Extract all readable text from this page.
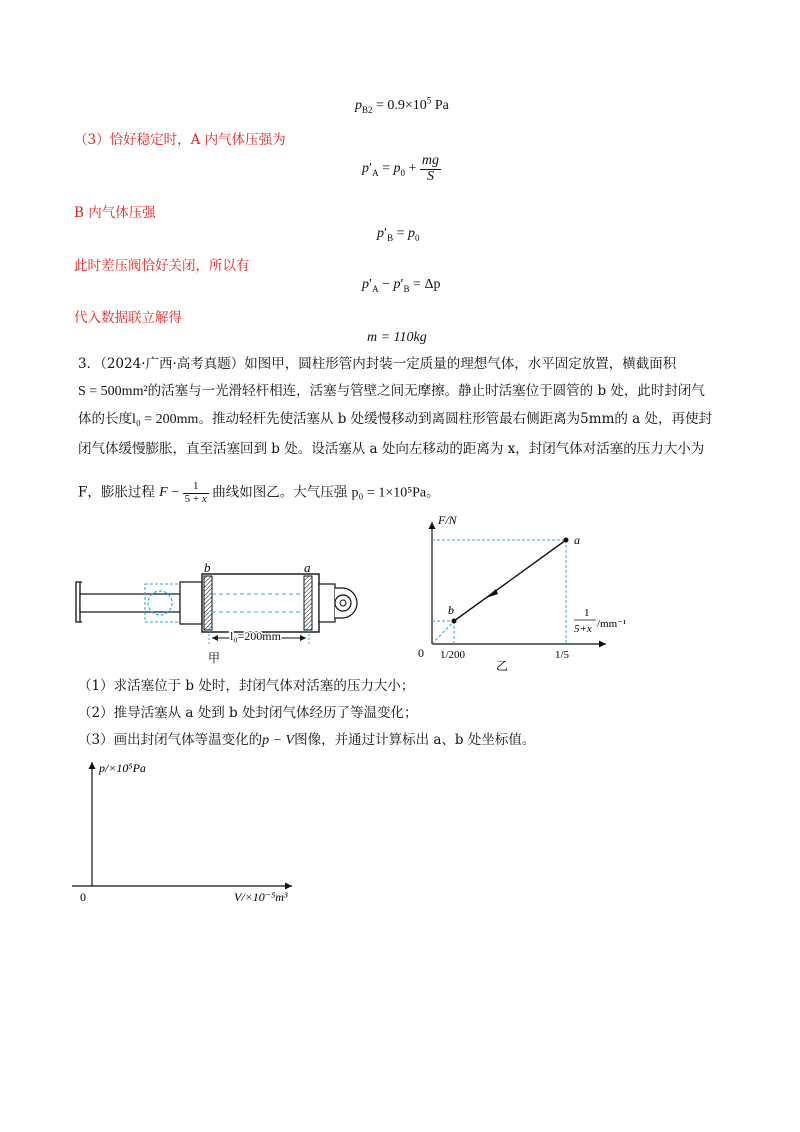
$p_{B2} = 0.9\times 10^5$ Pa
（3）恰好稳定时，A 内气体压强为
$p'_A = p_0 + \frac{mg}{S}$
B 内气体压强
$p'_B = p_0$
此时差压阀恰好关闭，所以有
$p'_A - p'_B = \Delta p$
代入数据联立解得
m = 110kg
3．（2024·广西·高考真题）如图甲，圆柱形管内封装一定质量的理想气体，水平固定放置，横截面积
S = 500mm²的活塞与一光滑轻杆相连，活塞与管壁之间无摩擦。静止时活塞位于圆管的 b 处，此时封闭气
体的长度l₀ = 200mm。推动轻杆先使活塞从 b 处缓慢移动到离圆柱形管最右侧距离为5mm的 a 处，再使封
闭气体缓慢膨胀，直至活塞回到 b 处。设活塞从 a 处向左移动的距离为 x，封闭气体对活塞的压力大小为
F，膨胀过程 $F - \frac{1}{5 + x}$ 曲线如图乙。大气压强 p₀ = 1×10⁵Pa。
b	a
l₀=200mm
甲
F/N
a
b
0 1/200	1/5
1
5+x /mm⁻¹
乙
（1）求活塞位于 b 处时，封闭气体对活塞的压力大小；
（2）推导活塞从 a 处到 b 处封闭气体经历了等温变化；
（3）画出封闭气体等温变化的p − V图像，并通过计算标出 a、b 处坐标值。
p/×10⁵Pa
0	V/×10⁻⁵m³
